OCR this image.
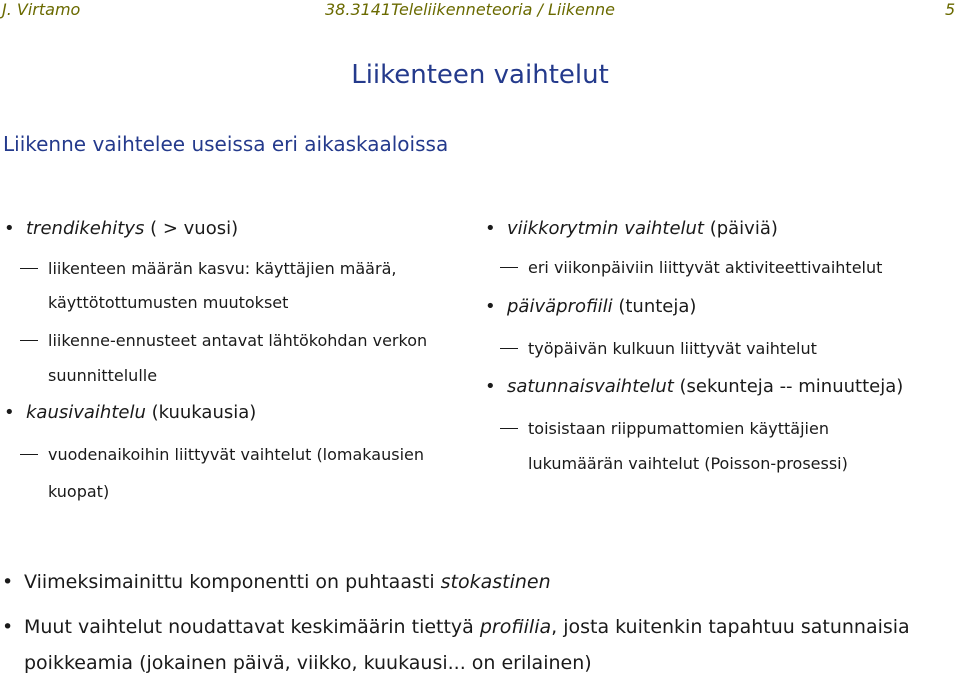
J. Virtamo	38.3141Teleliikenneteoria / Liikenne	5
Liikenteen vaihtelut
Liikenne vaihtelee useissa eri aikaskaaloissa
• trendikehitys ( > vuosi)
liikenteen määrän kasvu: käyttäjien määrä,
käyttötottumusten muutokset
liikenne-ennusteet antavat lähtökohdan verkon
suunnittelulle
• kausivaihtelu (kuukausia)
vuodenaikoihin liittyvät vaihtelut (lomakausien
kuopat)
• viikkorytmin vaihtelut (päiviä)
eri viikonpäiviin liittyvät aktiviteettivaihtelut
• päiväprofiili (tunteja)
työpäivän kulkuun liittyvät vaihtelut
• satunnaisvaihtelut (sekunteja -- minuutteja)
toisistaan riippumattomien käyttäjien
lukumäärän vaihtelut (Poisson-prosessi)
• Viimeksimainittu komponentti on puhtaasti stokastinen
• Muut vaihtelut noudattavat keskimäärin tiettyä profiilia, josta kuitenkin tapahtuu satunnaisia
poikkeamia (jokainen päivä, viikko, kuukausi... on erilainen)
